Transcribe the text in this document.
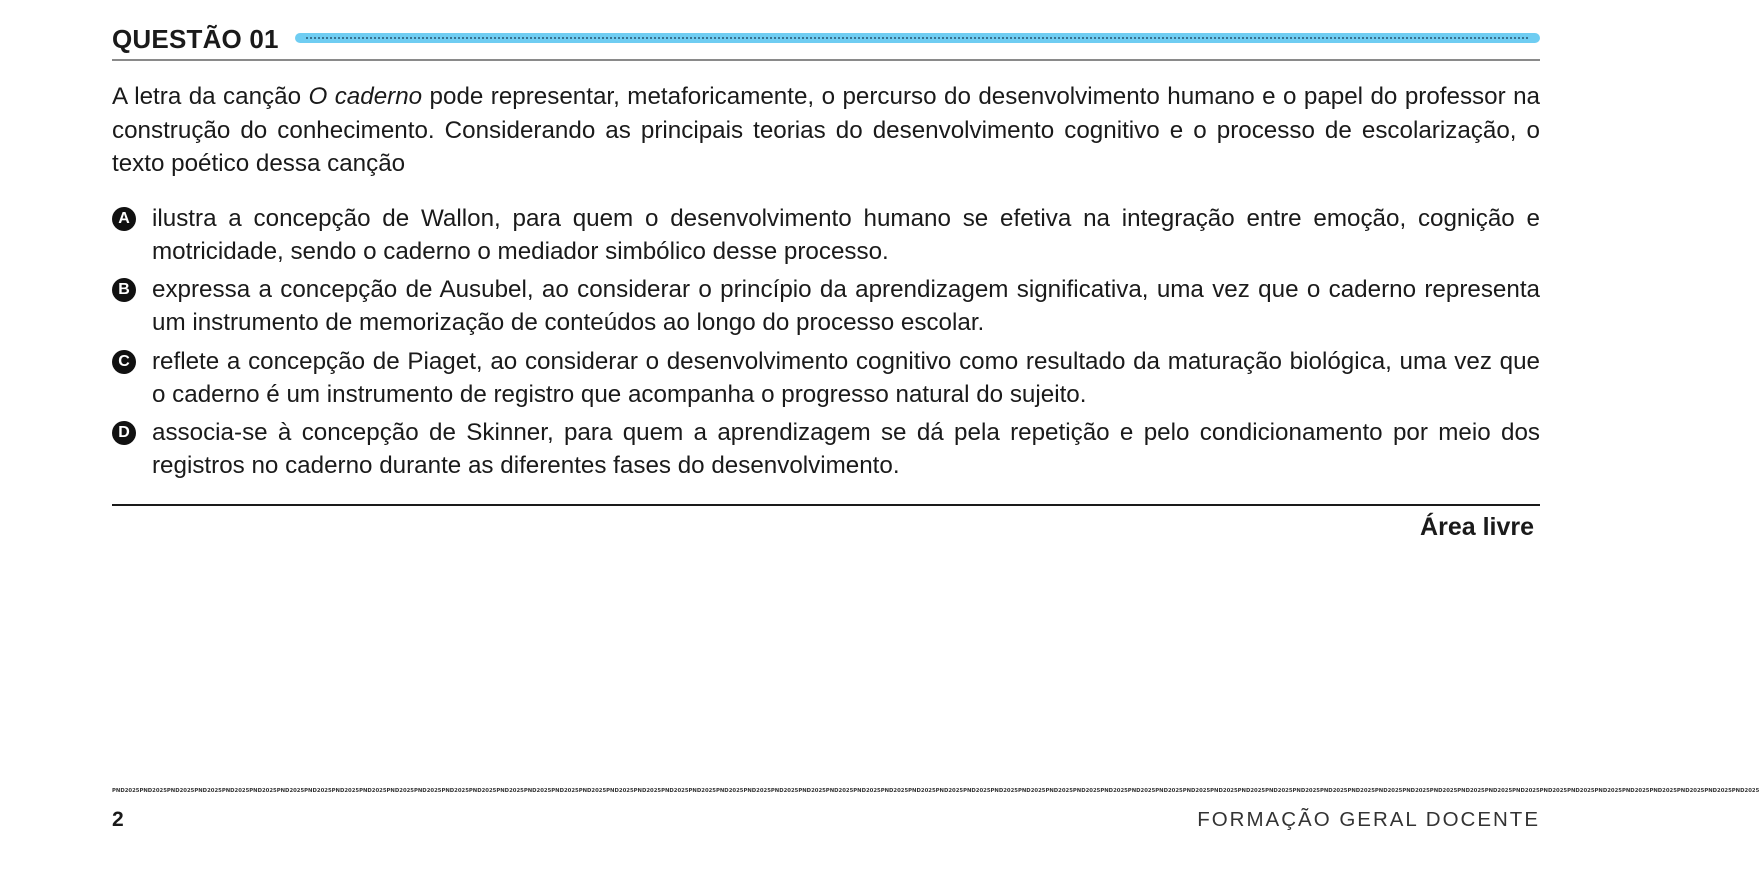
QUESTÃO 01
A letra da canção O caderno pode representar, metaforicamente, o percurso do desenvolvimento humano e o papel do professor na construção do conhecimento. Considerando as principais teorias do desenvolvimento cognitivo e o processo de escolarização, o texto poético dessa canção
A ilustra a concepção de Wallon, para quem o desenvolvimento humano se efetiva na integração entre emoção, cognição e motricidade, sendo o caderno o mediador simbólico desse processo.
B expressa a concepção de Ausubel, ao considerar o princípio da aprendizagem significativa, uma vez que o caderno representa um instrumento de memorização de conteúdos ao longo do processo escolar.
C reflete a concepção de Piaget, ao considerar o desenvolvimento cognitivo como resultado da maturação biológica, uma vez que o caderno é um instrumento de registro que acompanha o progresso natural do sujeito.
D associa-se à concepção de Skinner, para quem a aprendizagem se dá pela repetição e pelo condicionamento por meio dos registros no caderno durante as diferentes fases do desenvolvimento.
Área livre
PND2025PND2025PND2025PND2025PND2025PND2025PND2025PND2025PND2025PND2025PND2025PND2025PND2025PND2025PND2025PND2025PND2025PND2025PND2025PND2025PND2025PND2025PND2025PND2025PND2025PND2025PND2025PND2025PND2025PND2025PND2025PND2025PND2025PND2025PND2025PND2025PND2025PND2025PND2025PND2025PND2025PND2025PND2025PND2025PND2025PND2025PND2025PND2025PND2025PND2025PND2025PND2025PND2025PND2025PND2025PND2025PND2025PND2025PND2025PND2025
2	FORMAÇÃO GERAL DOCENTE
